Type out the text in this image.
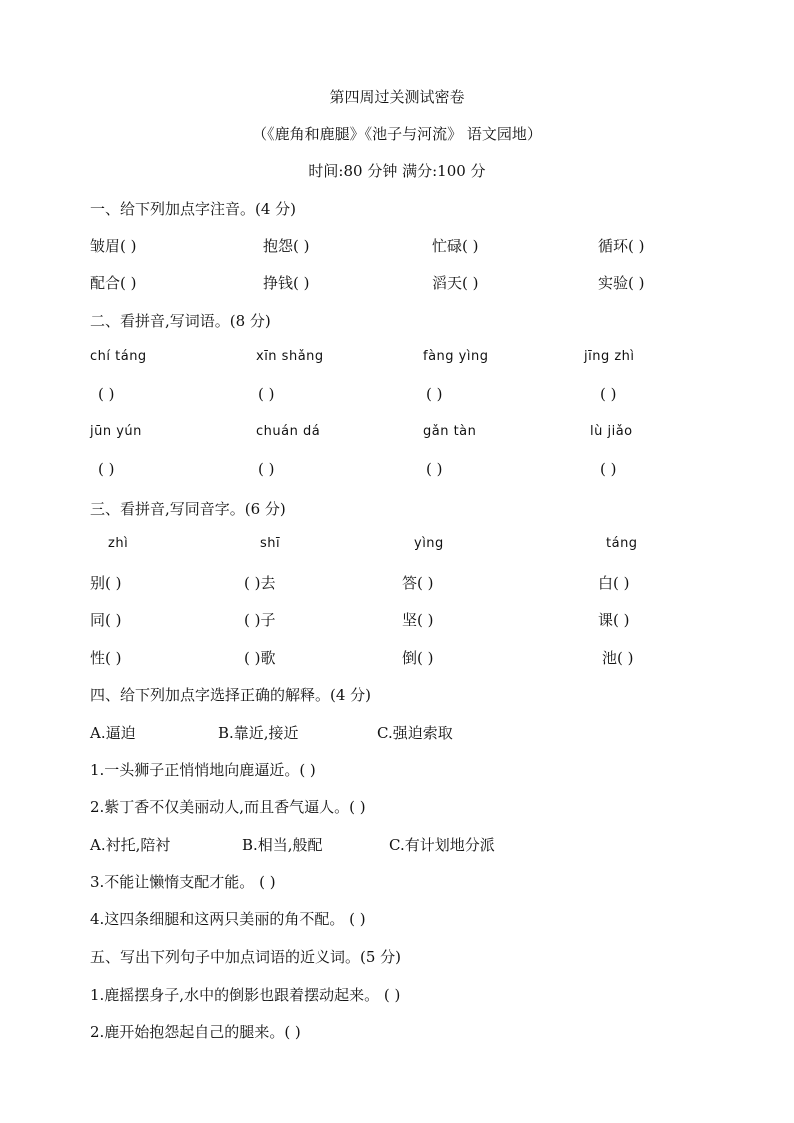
第四周过关测试密卷
（《鹿角和鹿腿》《池子与河流》 语文园地）
时间:80 分钟 满分:100 分
一、给下列加点字注音。(4 分)
皱眉( )	抱怨( )	忙碌( )	循环( )
配合( )	挣钱( )	滔天( )	实验( )
二、看拼音,写词语。(8 分)
chí táng	xīn shǎng	fàng yìng	jīng zhì
( )	( )	( )	( )
jūn yún	chuán dá	gǎn tàn	lù jiǎo
( )	( )	( )	( )
三、看拼音,写同音字。(6 分)
zhì	shī	yìng	táng
别( )	( )去	答( )	白( )
同( )	( )子	坚( )	课( )
性( )	( )歌	倒( )	池( )
四、给下列加点字选择正确的解释。(4 分)
A.逼迫	B.靠近,接近	C.强迫索取
1.一头狮子正悄悄地向鹿逼近。( )
2.紫丁香不仅美丽动人,而且香气逼人。( )
A.衬托,陪衬	B.相当,般配	C.有计划地分派
3.不能让懒惰支配才能。 ( )
4.这四条细腿和这两只美丽的角不配。 ( )
五、写出下列句子中加点词语的近义词。(5 分)
1.鹿摇摆身子,水中的倒影也跟着摆动起来。 ( )
2.鹿开始抱怨起自己的腿来。( )
